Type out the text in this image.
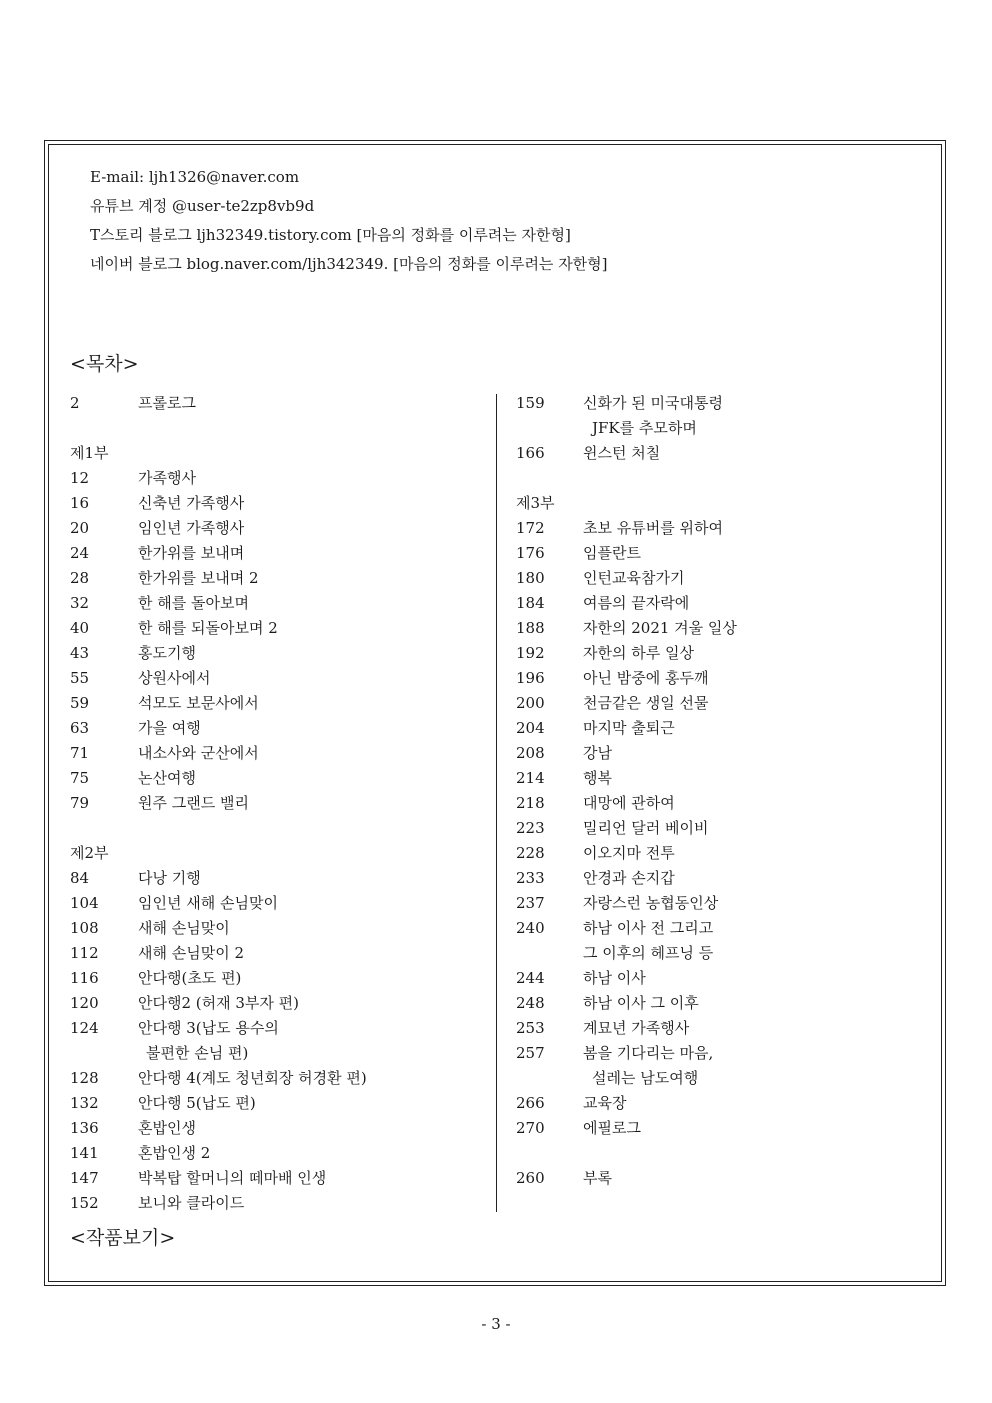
E-mail: ljh1326@naver.com
유튜브 계정 @user-te2zp8vb9d
T스토리 블로그 ljh32349.tistory.com [마음의 정화를 이루려는 자한형]
네이버 블로그 blog.naver.com/ljh342349. [마음의 정화를 이루려는 자한형]
<목차>
2	프롤로그
제1부
12	가족행사
16	신축년 가족행사
20	임인년 가족행사
24	한가위를 보내며
28	한가위를 보내며 2
32	한 해를 돌아보며
40	한 해를 되돌아보며 2
43	홍도기행
55	상원사에서
59	석모도 보문사에서
63	가을 여행
71	내소사와 군산에서
75	논산여행
79	원주 그랜드 밸리
제2부
84	다낭 기행
104	임인년 새해 손님맞이
108	새해 손님맞이
112	새해 손님맞이 2
116	안다행(초도 편)
120	안다행2 (허재 3부자 편)
124	안다행 3(납도 용수의
불편한 손님 편)
128	안다행 4(계도 청년회장 허경환 편)
132	안다행 5(납도 편)
136	혼밥인생
141	혼밥인생 2
147	박복탑 할머니의 떼마배 인생
152	보니와 클라이드
159	신화가 된 미국대통령
JFK를 추모하며
166	윈스턴 처칠
제3부
172	초보 유튜버를 위하여
176	임플란트
180	인턴교육참가기
184	여름의 끝자락에
188	자한의 2021 겨울 일상
192	자한의 하루 일상
196	아닌 밤중에 홍두깨
200	천금같은 생일 선물
204	마지막 출퇴근
208	강남
214	행복
218	대망에 관하여
223	밀리언 달러 베이비
228	이오지마 전투
233	안경과 손지갑
237	자랑스런 농협동인상
240	하남 이사 전 그리고
그 이후의 헤프닝 등
244	하남 이사
248	하남 이사 그 이후
253	계묘년 가족행사
257	봄을 기다리는 마음,
설레는 남도여행
266	교육장
270	에필로그
260	부록
<작품보기>
- 3 -
